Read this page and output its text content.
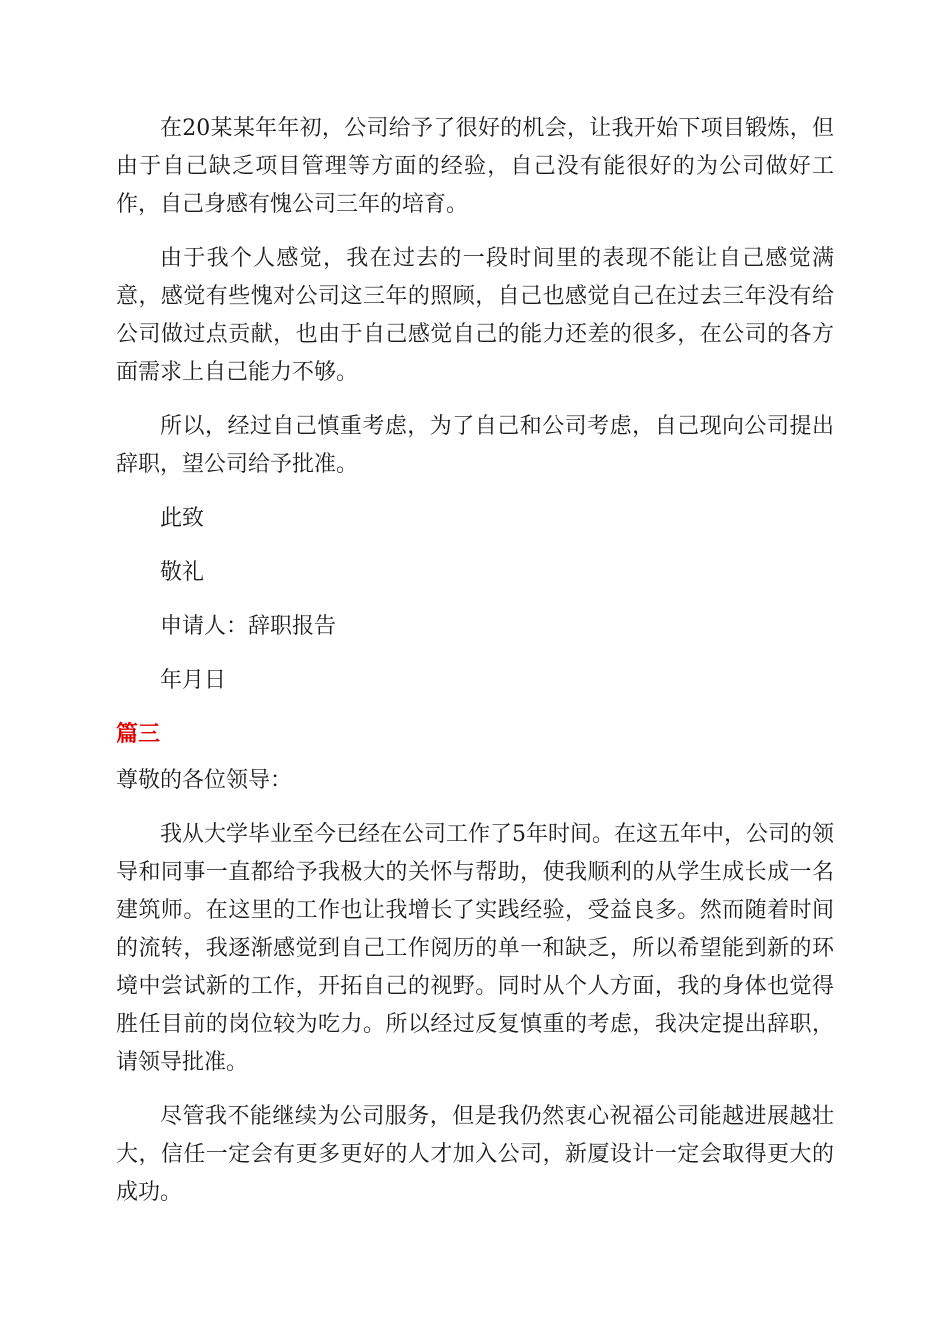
在20某某年年初，公司给予了很好的机会，让我开始下项目锻炼，但由于自己缺乏项目管理等方面的经验，自己没有能很好的为公司做好工作，自己身感有愧公司三年的培育。

由于我个人感觉，我在过去的一段时间里的表现不能让自己感觉满意，感觉有些愧对公司这三年的照顾，自己也感觉自己在过去三年没有给公司做过点贡献，也由于自己感觉自己的能力还差的很多，在公司的各方面需求上自己能力不够。

所以，经过自己慎重考虑，为了自己和公司考虑，自己现向公司提出辞职，望公司给予批准。

此致

敬礼

申请人：辞职报告

年月日

篇三

尊敬的各位领导：

我从大学毕业至今已经在公司工作了5年时间。在这五年中，公司的领导和同事一直都给予我极大的关怀与帮助，使我顺利的从学生成长成一名建筑师。在这里的工作也让我增长了实践经验，受益良多。然而随着时间的流转，我逐渐感觉到自己工作阅历的单一和缺乏，所以希望能到新的环境中尝试新的工作，开拓自己的视野。同时从个人方面，我的身体也觉得胜任目前的岗位较为吃力。所以经过反复慎重的考虑，我决定提出辞职，请领导批准。

尽管我不能继续为公司服务，但是我仍然衷心祝福公司能越进展越壮大，信任一定会有更多更好的人才加入公司，新厦设计一定会取得更大的成功。
